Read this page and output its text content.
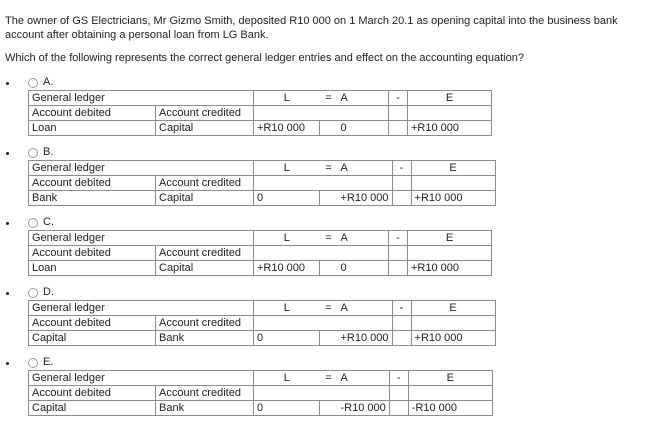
The owner of GS Electricians, Mr Gizmo Smith, deposited R10 000 on 1 March 20.1 as opening capital into the business bank

account after obtaining a personal loan from LG Bank.

Which of the following represents the correct general ledger entries and effect on the accounting equation?

A.
General ledger		L	=	A	-	E
Account debited	Account credited					
Loan	Capital	+R10 000		0		+R10 000
B.
General ledger		L	=	A	-	E
Account debited	Account credited					
Bank	Capital	0		+R10 000		+R10 000
C.
General ledger		L	=	A	-	E
Account debited	Account credited					
Loan	Capital	+R10 000		0		+R10 000
D.
General ledger		L	=	A	-	E
Account debited	Account credited					
Capital	Bank	0		+R10 000		+R10 000
E.
General ledger		L	=	A	-	E
Account debited	Account credited					
Capital	Bank	0		-R10 000		-R10 000
